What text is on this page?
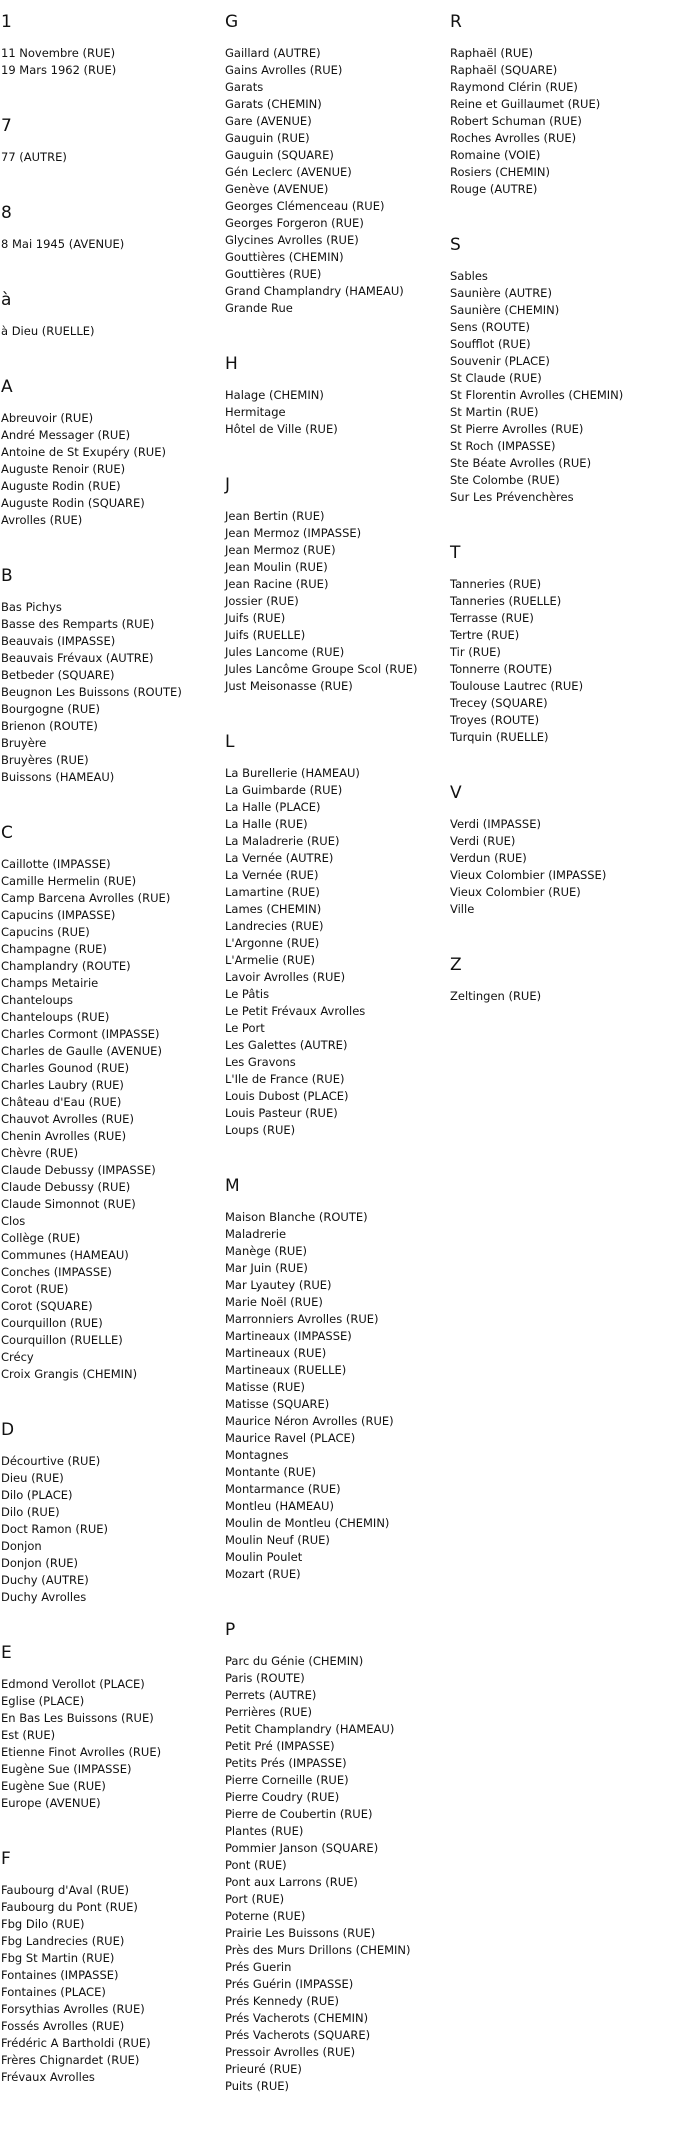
1
11 Novembre (RUE)
19 Mars 1962 (RUE)
7
77 (AUTRE)
8
8 Mai 1945 (AVENUE)
à
à Dieu (RUELLE)
A
Abreuvoir (RUE)
André Messager (RUE)
Antoine de St Exupéry (RUE)
Auguste Renoir (RUE)
Auguste Rodin (RUE)
Auguste Rodin (SQUARE)
Avrolles (RUE)
B
Bas Pichys
Basse des Remparts (RUE)
Beauvais (IMPASSE)
Beauvais Frévaux (AUTRE)
Betbeder (SQUARE)
Beugnon Les Buissons (ROUTE)
Bourgogne (RUE)
Brienon (ROUTE)
Bruyère
Bruyères (RUE)
Buissons (HAMEAU)
C
Caillotte (IMPASSE)
Camille Hermelin (RUE)
Camp Barcena Avrolles (RUE)
Capucins (IMPASSE)
Capucins (RUE)
Champagne (RUE)
Champlandry (ROUTE)
Champs Metairie
Chanteloups
Chanteloups (RUE)
Charles Cormont (IMPASSE)
Charles de Gaulle (AVENUE)
Charles Gounod (RUE)
Charles Laubry (RUE)
Château d'Eau (RUE)
Chauvot Avrolles (RUE)
Chenin Avrolles (RUE)
Chèvre (RUE)
Claude Debussy (IMPASSE)
Claude Debussy (RUE)
Claude Simonnot (RUE)
Clos
Collège (RUE)
Communes (HAMEAU)
Conches (IMPASSE)
Corot (RUE)
Corot (SQUARE)
Courquillon (RUE)
Courquillon (RUELLE)
Crécy
Croix Grangis (CHEMIN)
D
Décourtive (RUE)
Dieu (RUE)
Dilo (PLACE)
Dilo (RUE)
Doct Ramon (RUE)
Donjon
Donjon (RUE)
Duchy (AUTRE)
Duchy Avrolles
E
Edmond Verollot (PLACE)
Eglise (PLACE)
En Bas Les Buissons (RUE)
Est (RUE)
Etienne Finot Avrolles (RUE)
Eugène Sue (IMPASSE)
Eugène Sue (RUE)
Europe (AVENUE)
F
Faubourg d'Aval (RUE)
Faubourg du Pont (RUE)
Fbg Dilo (RUE)
Fbg Landrecies (RUE)
Fbg St Martin (RUE)
Fontaines (IMPASSE)
Fontaines (PLACE)
Forsythias Avrolles (RUE)
Fossés Avrolles (RUE)
Frédéric A Bartholdi (RUE)
Frères Chignardet (RUE)
Frévaux Avrolles
G
Gaillard (AUTRE)
Gains Avrolles (RUE)
Garats
Garats (CHEMIN)
Gare (AVENUE)
Gauguin (RUE)
Gauguin (SQUARE)
Gén Leclerc (AVENUE)
Genève (AVENUE)
Georges Clémenceau (RUE)
Georges Forgeron (RUE)
Glycines Avrolles (RUE)
Gouttières (CHEMIN)
Gouttières (RUE)
Grand Champlandry (HAMEAU)
Grande Rue
H
Halage (CHEMIN)
Hermitage
Hôtel de Ville (RUE)
J
Jean Bertin (RUE)
Jean Mermoz (IMPASSE)
Jean Mermoz (RUE)
Jean Moulin (RUE)
Jean Racine (RUE)
Jossier (RUE)
Juifs (RUE)
Juifs (RUELLE)
Jules Lancome (RUE)
Jules Lancôme Groupe Scol (RUE)
Just Meisonasse (RUE)
L
La Burellerie (HAMEAU)
La Guimbarde (RUE)
La Halle (PLACE)
La Halle (RUE)
La Maladrerie (RUE)
La Vernée (AUTRE)
La Vernée (RUE)
Lamartine (RUE)
Lames (CHEMIN)
Landrecies (RUE)
L'Argonne (RUE)
L'Armelie (RUE)
Lavoir Avrolles (RUE)
Le Pâtis
Le Petit Frévaux Avrolles
Le Port
Les Galettes (AUTRE)
Les Gravons
L'Ile de France (RUE)
Louis Dubost (PLACE)
Louis Pasteur (RUE)
Loups (RUE)
M
Maison Blanche (ROUTE)
Maladrerie
Manège (RUE)
Mar Juin (RUE)
Mar Lyautey (RUE)
Marie Noël (RUE)
Marronniers Avrolles (RUE)
Martineaux (IMPASSE)
Martineaux (RUE)
Martineaux (RUELLE)
Matisse (RUE)
Matisse (SQUARE)
Maurice Néron Avrolles (RUE)
Maurice Ravel (PLACE)
Montagnes
Montante (RUE)
Montarmance (RUE)
Montleu (HAMEAU)
Moulin de Montleu (CHEMIN)
Moulin Neuf (RUE)
Moulin Poulet
Mozart (RUE)
P
Parc du Génie (CHEMIN)
Paris (ROUTE)
Perrets (AUTRE)
Perrières (RUE)
Petit Champlandry (HAMEAU)
Petit Pré (IMPASSE)
Petits Prés (IMPASSE)
Pierre Corneille (RUE)
Pierre Coudry (RUE)
Pierre de Coubertin (RUE)
Plantes (RUE)
Pommier Janson (SQUARE)
Pont (RUE)
Pont aux Larrons (RUE)
Port (RUE)
Poterne (RUE)
Prairie Les Buissons (RUE)
Près des Murs Drillons (CHEMIN)
Prés Guerin
Prés Guérin (IMPASSE)
Prés Kennedy (RUE)
Prés Vacherots (CHEMIN)
Prés Vacherots (SQUARE)
Pressoir Avrolles (RUE)
Prieuré (RUE)
Puits (RUE)
R
Raphaël (RUE)
Raphaël (SQUARE)
Raymond Clérin (RUE)
Reine et Guillaumet (RUE)
Robert Schuman (RUE)
Roches Avrolles (RUE)
Romaine (VOIE)
Rosiers (CHEMIN)
Rouge (AUTRE)
S
Sables
Saunière (AUTRE)
Saunière (CHEMIN)
Sens (ROUTE)
Soufflot (RUE)
Souvenir (PLACE)
St Claude (RUE)
St Florentin Avrolles (CHEMIN)
St Martin (RUE)
St Pierre Avrolles (RUE)
St Roch (IMPASSE)
Ste Béate Avrolles (RUE)
Ste Colombe (RUE)
Sur Les Prévenchères
T
Tanneries (RUE)
Tanneries (RUELLE)
Terrasse (RUE)
Tertre (RUE)
Tir (RUE)
Tonnerre (ROUTE)
Toulouse Lautrec (RUE)
Trecey (SQUARE)
Troyes (ROUTE)
Turquin (RUELLE)
V
Verdi (IMPASSE)
Verdi (RUE)
Verdun (RUE)
Vieux Colombier (IMPASSE)
Vieux Colombier (RUE)
Ville
Z
Zeltingen (RUE)
